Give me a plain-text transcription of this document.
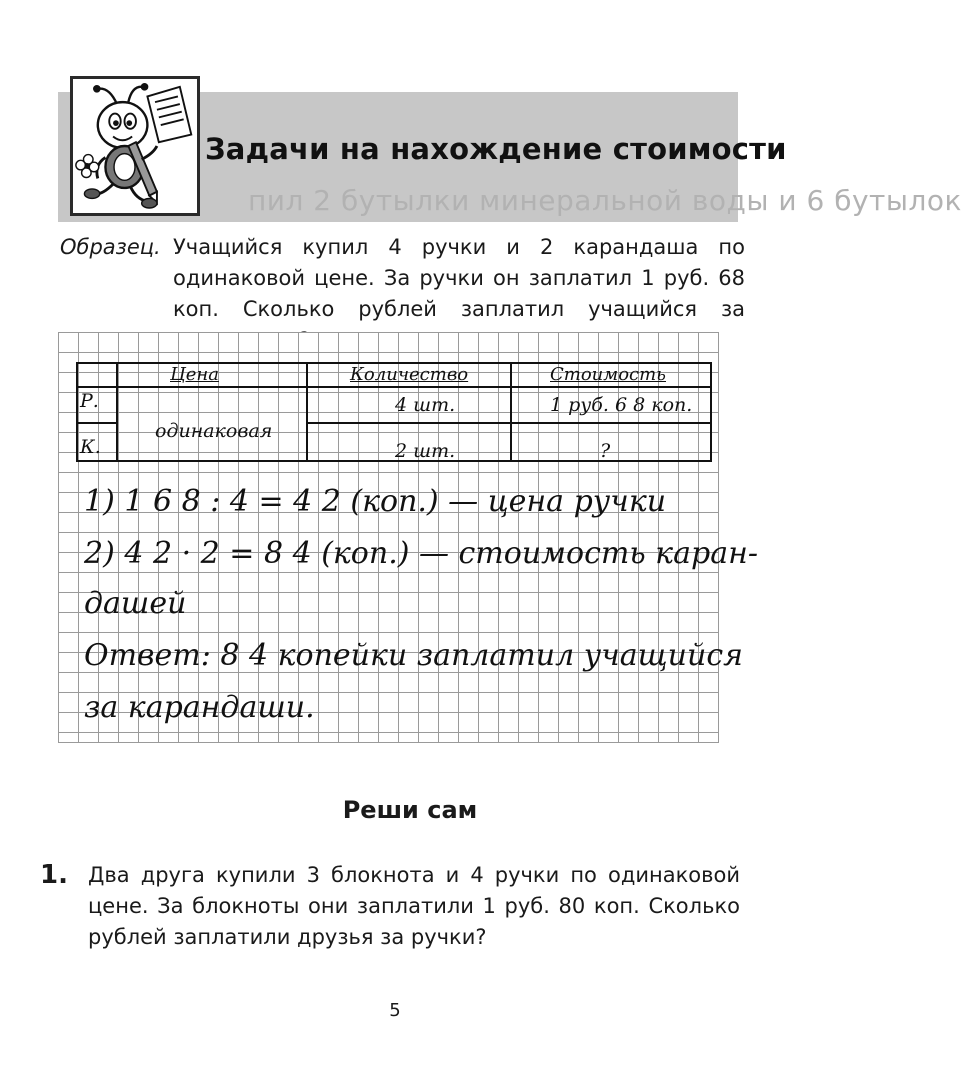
пил 2 бутылки минеральной воды и 6 бутылок
Задачи на нахождение стоимости
Образец. Учащийся купил 4 ручки и 2 карандаша по одинаковой цене. За ручки он заплатил 1 руб. 68 коп. Сколько рублей заплатил учащийся за
Цена	Количество	Стоимость
Р.
К.
одинаковая
4 шт.
2 шт.
1 руб. 6 8 коп.
?
1) 1 6 8 : 4 = 4 2 (коп.) — цена ручки
2) 4 2 · 2 = 8 4 (коп.) — стоимость каран-
дашей
Ответ: 8 4 копейки заплатил учащийся
за карандаши.
Реши сам
1. Два друга купили 3 блокнота и 4 ручки по одинаковой цене. За блокноты они заплатили 1 руб. 80 коп. Сколько рублей заплатили друзья за ручки?
5
